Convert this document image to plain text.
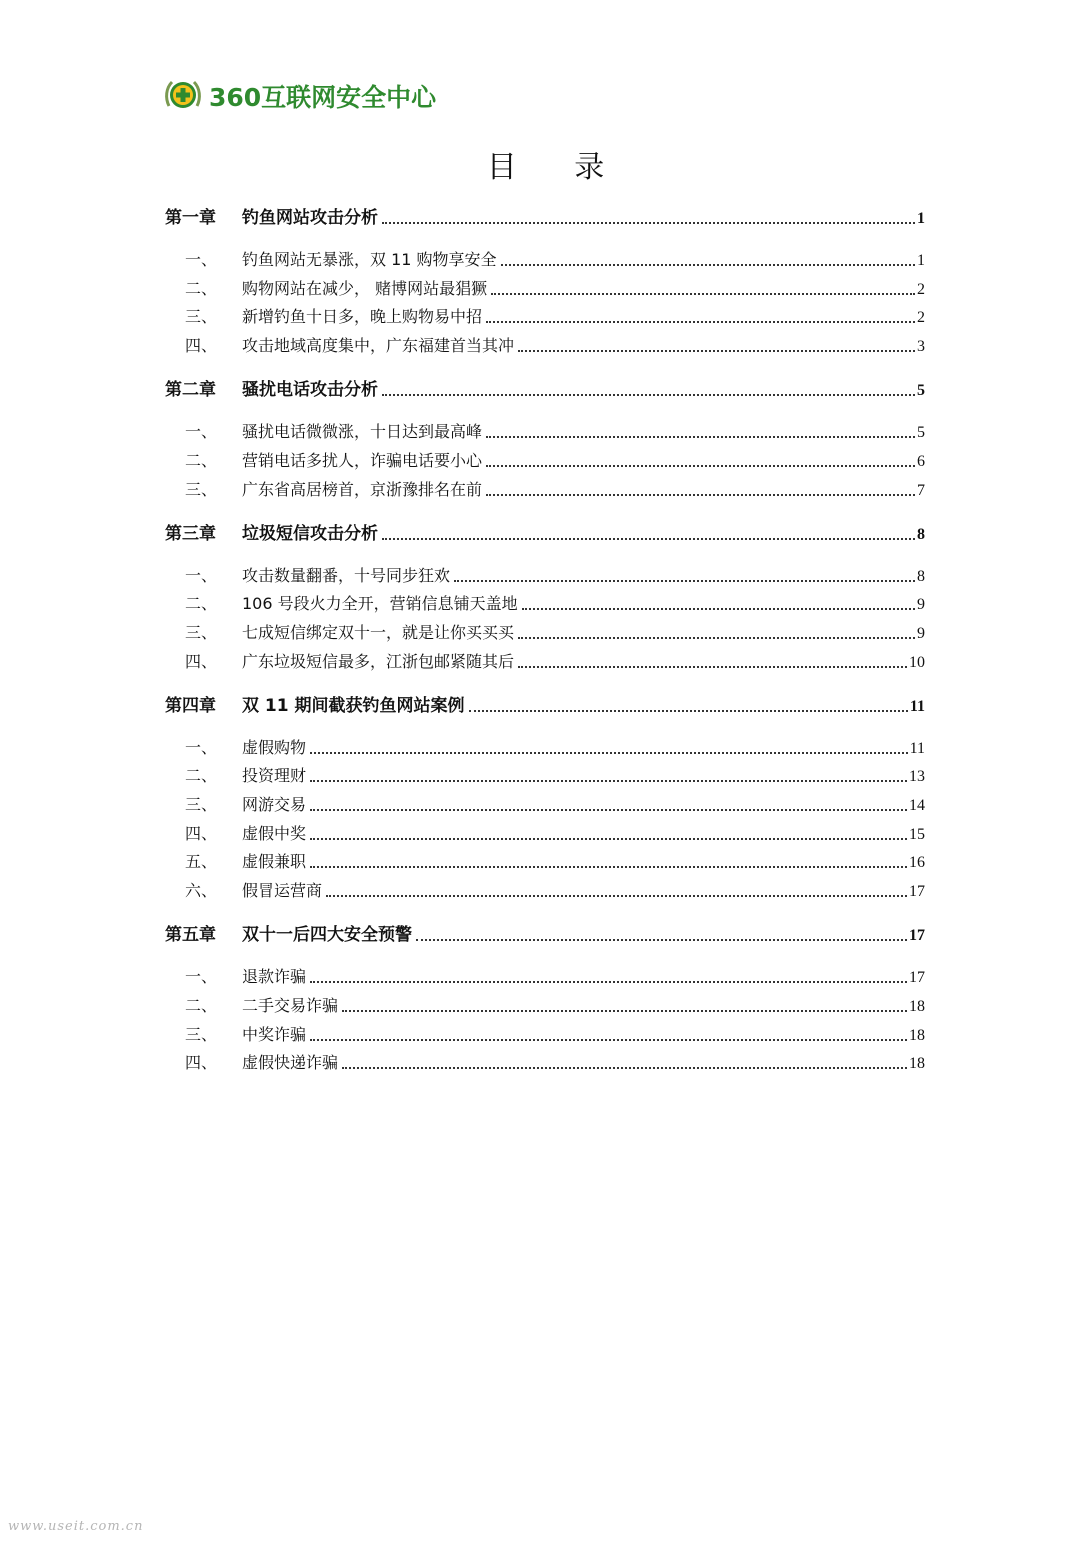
360互联网安全中心
目 录
第一章 钓鱼网站攻击分析	1
一、 钓鱼网站无暴涨，双 11 购物享安全	1
二、 购物网站在减少， 赌博网站最猖獗	2
三、 新增钓鱼十日多，晚上购物易中招	2
四、 攻击地域高度集中，广东福建首当其冲	3
第二章 骚扰电话攻击分析	5
一、 骚扰电话微微涨，十日达到最高峰	5
二、 营销电话多扰人，诈骗电话要小心	6
三、 广东省高居榜首，京浙豫排名在前	7
第三章 垃圾短信攻击分析	8
一、 攻击数量翻番，十号同步狂欢	8
二、 106 号段火力全开，营销信息铺天盖地	9
三、 七成短信绑定双十一，就是让你买买买	9
四、 广东垃圾短信最多，江浙包邮紧随其后	10
第四章 双 11 期间截获钓鱼网站案例	11
一、 虚假购物	11
二、 投资理财	13
三、 网游交易	14
四、 虚假中奖	15
五、 虚假兼职	16
六、 假冒运营商	17
第五章 双十一后四大安全预警	17
一、 退款诈骗	17
二、 二手交易诈骗	18
三、 中奖诈骗	18
四、 虚假快递诈骗	18
www.useit.com.cn
